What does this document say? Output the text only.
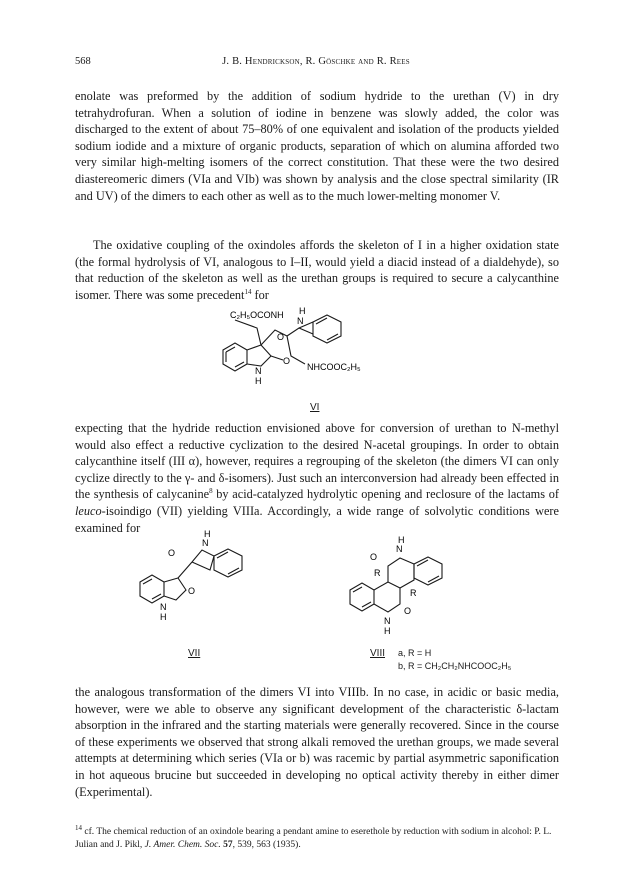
568	J. B. Hendrickson, R. Göschke and R. Rees

enolate was preformed by the addition of sodium hydride to the urethan (V) in dry tetrahydrofuran. When a solution of iodine in benzene was slowly added, the color was discharged to the extent of about 75–80% of one equivalent and isolation of the products yielded sodium iodide and a mixture of organic products, separation of which on alumina afforded two very similar high-melting isomers of the correct constitution. That these were the two desired diastereomeric dimers (VIa and VIb) was shown by analysis and the close spectral similarity (IR and UV) of the dimers to each other as well as to the much lower-melting monomer V.

The oxidative coupling of the oxindoles affords the skeleton of I in a higher oxidation state (the formal hydrolysis of VI, analogous to I–II, would yield a diacid instead of a dialdehyde), so that reduction of the skeleton as well as the urethan groups is required to secure a calycanthine isomer. There was some precedent$^{14}$ for

C₂H₅OCONH
NHCOOC₂H₅
O
O
N
H
N
H
VI

expecting that the hydride reduction envisioned above for conversion of urethan to N-methyl would also effect a reductive cyclization to the desired N-acetal groupings. In order to obtain calycanthine itself (III α), however, requires a regrouping of the skeleton (the dimers VI can only cyclize directly to the γ- and δ-isomers). Just such an interconversion had already been effected in the synthesis of calycanine$^8$ by acid-catalyzed hydrolytic opening and reclosure of the lactams of leuco-isoindigo (VII) yielding VIIIa. Accordingly, a wide range of solvolytic conditions were examined for

O
O
N
H
N
H
VII
O
N
H
R
R
O
N
H
VIII a, R = H
b, R = CH₂CH₂NHCOOC₂H₅

the analogous transformation of the dimers VI into VIIIb. In no case, in acidic or basic media, however, were we able to observe any significant development of the characteristic δ-lactam absorption in the infrared and the starting materials were generally recovered. Since in the course of these experiments we observed that strong alkali removed the urethan groups, we made several attempts at determining which series (VIa or b) was racemic by partial asymmetric saponification in hot aqueous brucine but succeeded in developing no optical activity thereby in either dimer (Experimental).

$^{14}$ cf. The chemical reduction of an oxindole bearing a pendant amine to eserethole by reduction with sodium in alcohol: P. L. Julian and J. Pikl, J. Amer. Chem. Soc. 57, 539, 563 (1935).
